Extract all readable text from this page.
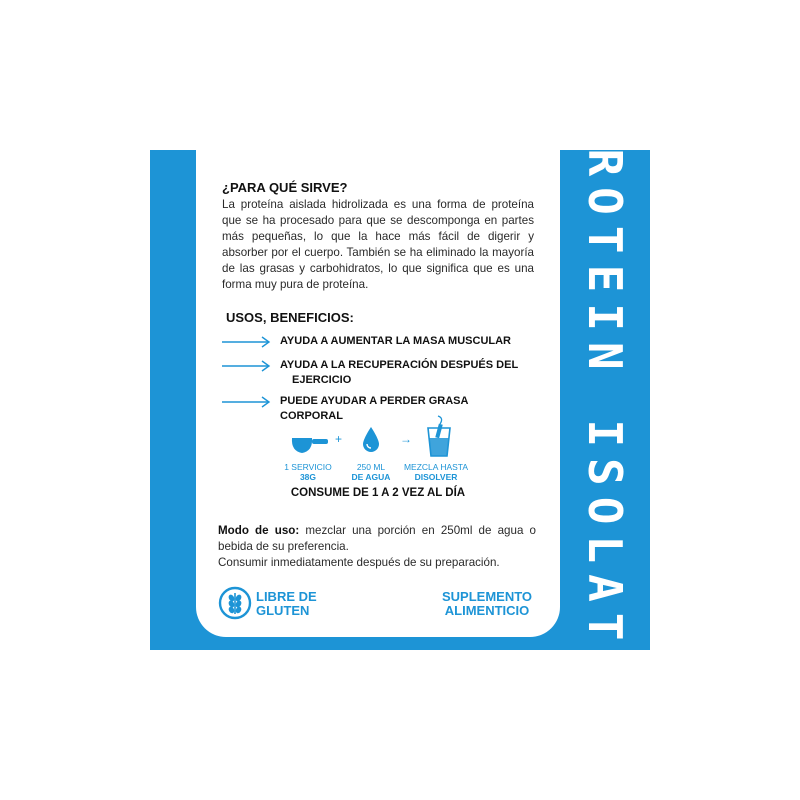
¿PARA QUÉ SIRVE?
La proteína aislada hidrolizada es una forma de proteína que se ha procesado para que se descomponga en partes más pequeñas, lo que la hace más fácil de digerir y absorber por el cuerpo. También se ha eliminado la mayoría de las grasas y carbohidratos, lo que significa que es una forma muy pura de proteína.
USOS, BENEFICIOS:
AYUDA A AUMENTAR LA MASA MUSCULAR
AYUDA A LA RECUPERACIÓN DESPUÉS DEL
EJERCICIO
PUEDE AYUDAR A PERDER GRASA CORPORAL
+	→
1 SERVICIO
38G
250 ML
DE AGUA
MEZCLA HASTA
DISOLVER
CONSUME DE 1 A 2 VEZ AL DÍA
Modo de uso: mezclar una porción en 250ml de agua o bebida de su preferencia.
Consumir inmediatamente después de su preparación.
LIBRE DE
GLUTEN
SUPLEMENTO
ALIMENTICIO PROTEIN ISOLATE
